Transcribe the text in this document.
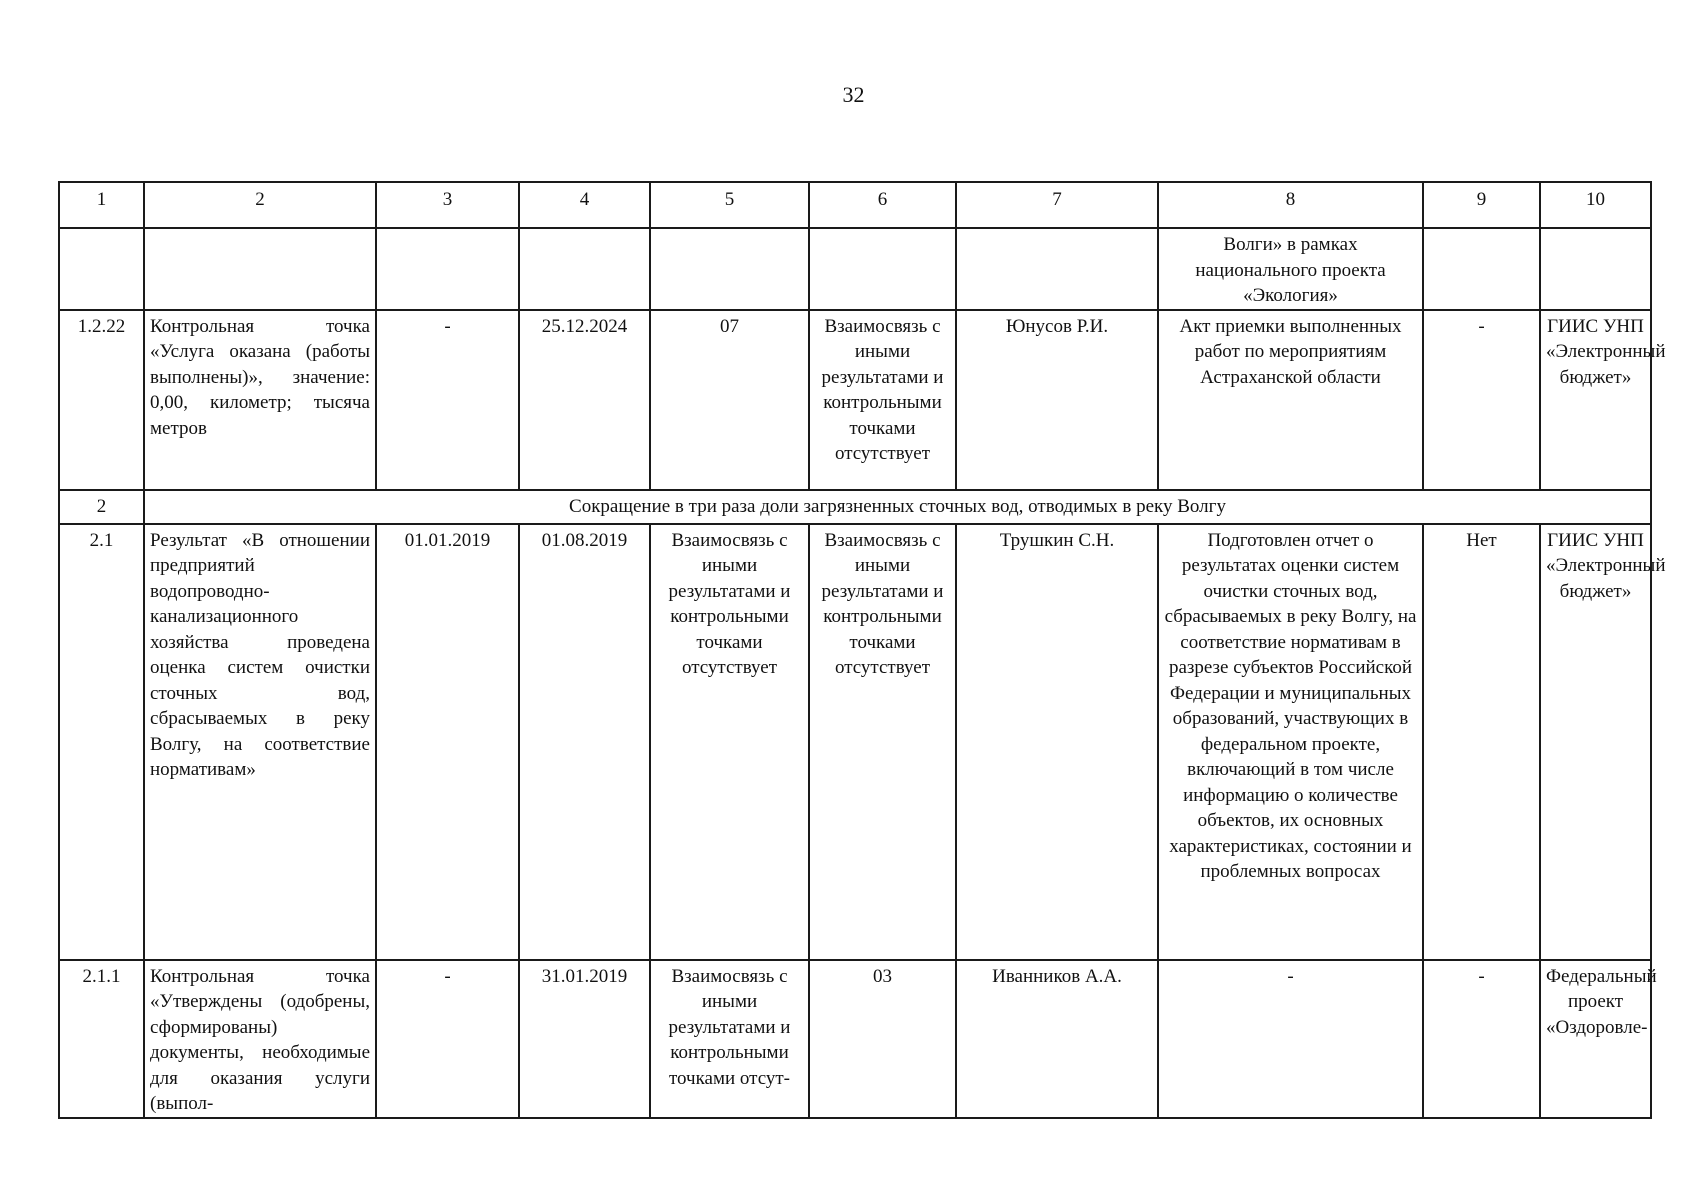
32
1	2	3	4	5	6	7	8	9	10
							Волги» в рамках национального проекта «Экология»		
1.2.22	Контрольная точка «Услуга оказана (работы выполнены)», значение: 0,00, километр; тысяча метров	-	25.12.2024	07	Взаимосвязь с иными результатами и контрольными точками отсутствует	Юнусов Р.И.	Акт приемки выполненных работ по мероприятиям Астраханской области	-	ГИИС УНП «Электронный бюджет»
2	Сокращение в три раза доли загрязненных сточных вод, отводимых в реку Волгу								
2.1	Результат «В отношении предприятий водопроводно-канализационного хозяйства проведена оценка систем очистки сточных вод, сбрасываемых в реку Волгу, на соответствие нормативам»	01.01.2019	01.08.2019	Взаимосвязь с иными результатами и контрольными точками отсутствует	Взаимосвязь с иными результатами и контрольными точками отсутствует	Трушкин С.Н.	Подготовлен отчет о результатах оценки систем очистки сточных вод, сбрасываемых в реку Волгу, на соответствие нормативам в разрезе субъектов Российской Федерации и муниципальных образований, участвующих в федеральном проекте, включающий в том числе информацию о количестве объектов, их основных характеристиках, состоянии и проблемных вопросах	Нет	ГИИС УНП «Электронный бюджет»
2.1.1	Контрольная точка «Утверждены (одобрены, сформированы) документы, необходимые для оказания услуги (выпол-	-	31.01.2019	Взаимосвязь с иными результатами и контрольными точками отсут-	03	Иванников А.А.	-	-	Федеральный проект «Оздоровле-
